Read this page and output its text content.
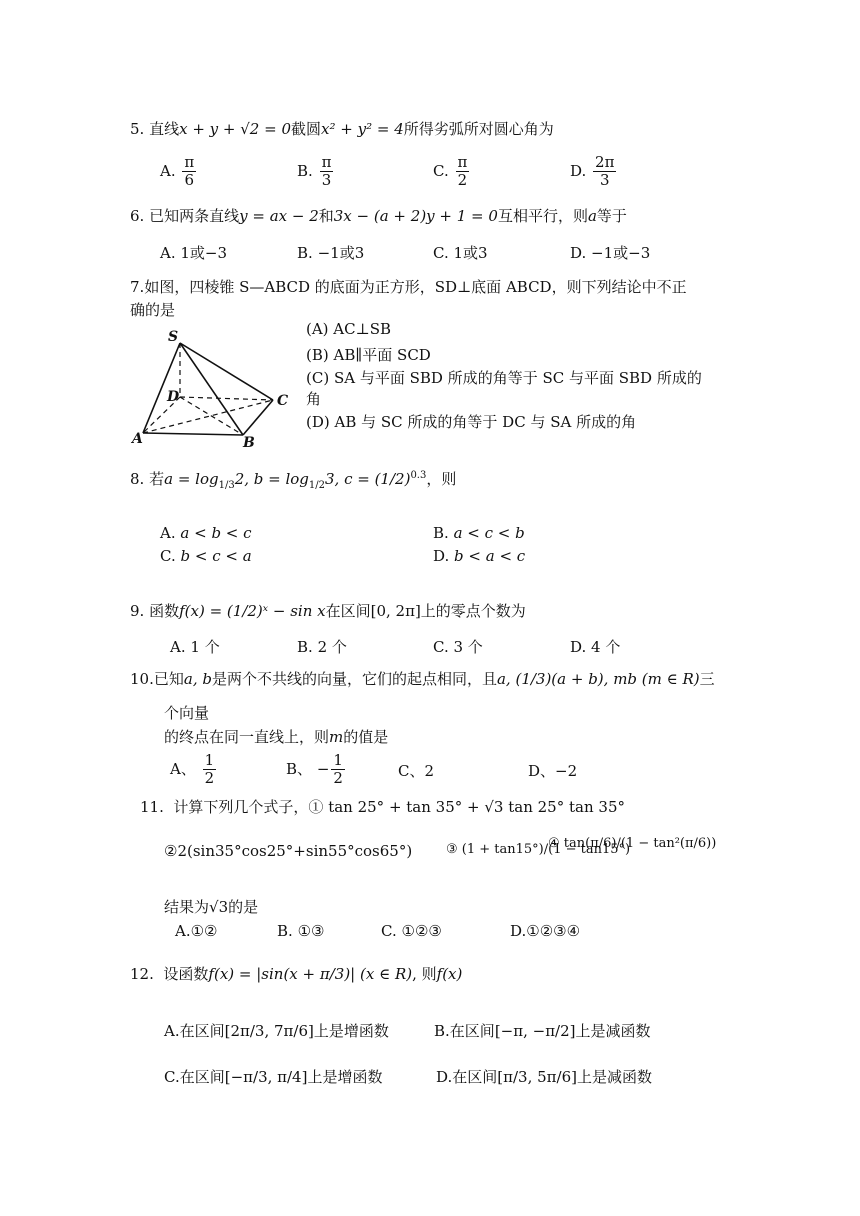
5. 直线x + y + √2 = 0截圆x² + y² = 4所得劣弧所对圆心角为
A. $\frac{\pi}{6}$	B. $\frac{\pi}{3}$	C. $\frac{\pi}{2}$	D. $\frac{2\pi}{3}$
6. 已知两条直线y = ax − 2和3x − (a + 2)y + 1 = 0互相平行，则a等于
A. 1或−3	B. −1或3	C. 1或3	D. −1或−3
7.如图，四棱锥 S—ABCD 的底面为正方形，SD⊥底面 ABCD，则下列结论中不正
确的是
S
A	B
C
D
(A) AC⊥SB
(B) AB∥平面 SCD
(C) SA 与平面 SBD 所成的角等于 SC 与平面 SBD 所成的
角
(D) AB 与 SC 所成的角等于 DC 与 SA 所成的角
8. 若$a = \log_{1/3}2$, $b = \log_{1/2}3$, $c = (1/2)^{0.3}$，则
A. a < b < c	B. a < c < b
C. b < c < a	D. b < a < c
9. 函数f(x) = (1/2)ˣ − sin x在区间[0, 2π]上的零点个数为
A. 1 个	B. 2 个	C. 3 个	D. 4 个
10.已知a, b是两个不共线的向量，它们的起点相同，且a, (1/3)(a + b), mb (m ∈ R)三
个向量
的终点在同一直线上，则m的值是
A、 $\frac{1}{2}$	B、 − $\frac{1}{2}$	C、2	D、−2
11. 计算下列几个式子，① tan 25° + tan 35° + √3 tan 25° tan 35°
②2(sin35°cos25°+sin55°cos65°)	③ (1 + tan15°)/(1 − tan15°)
④ tan(π/6)/(1 − tan²(π/6))
结果为√3的是
A.①②	B. ①③	C. ①②③	D.①②③④
12. 设函数f(x) = |sin(x + π/3)| (x ∈ R), 则f(x)
A.在区间[2π/3, 7π/6]上是增函数	B.在区间[−π, −π/2]上是减函数
C.在区间[−π/3, π/4]上是增函数	D.在区间[π/3, 5π/6]上是减函数
